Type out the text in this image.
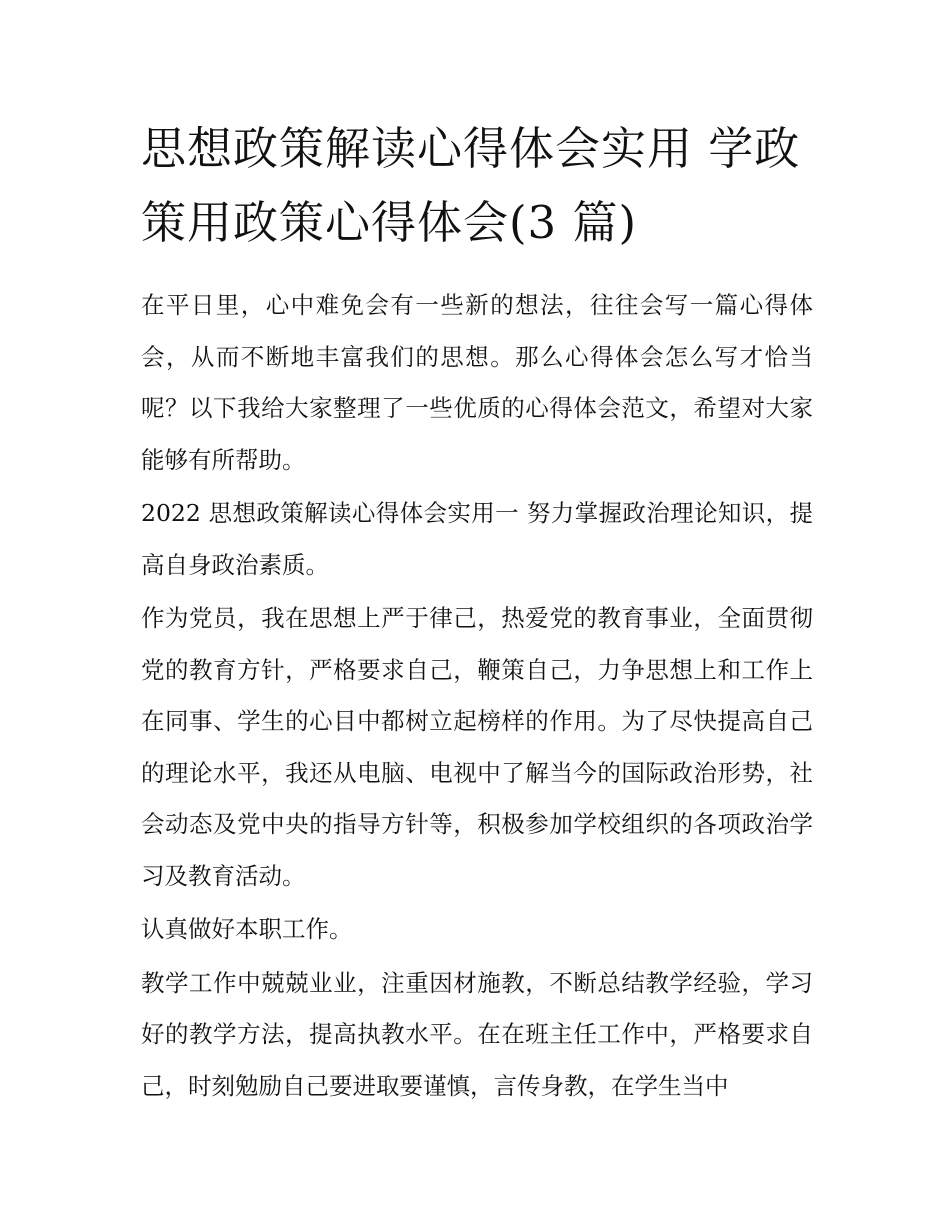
思想政策解读心得体会实用 学政策用政策心得体会(3 篇)

在平日里，心中难免会有一些新的想法，往往会写一篇心得体会，从而不断地丰富我们的思想。那么心得体会怎么写才恰当呢？以下我给大家整理了一些优质的心得体会范文，希望对大家能够有所帮助。

2022 思想政策解读心得体会实用一 努力掌握政治理论知识，提高自身政治素质。

作为党员，我在思想上严于律己，热爱党的教育事业，全面贯彻党的教育方针，严格要求自己，鞭策自己，力争思想上和工作上在同事、学生的心目中都树立起榜样的作用。为了尽快提高自己的理论水平，我还从电脑、电视中了解当今的国际政治形势，社会动态及党中央的指导方针等，积极参加学校组织的各项政治学习及教育活动。

认真做好本职工作。

教学工作中兢兢业业，注重因材施教，不断总结教学经验，学习好的教学方法，提高执教水平。在在班主任工作中，严格要求自己，时刻勉励自己要进取要谨慎，言传身教，在学生当中
